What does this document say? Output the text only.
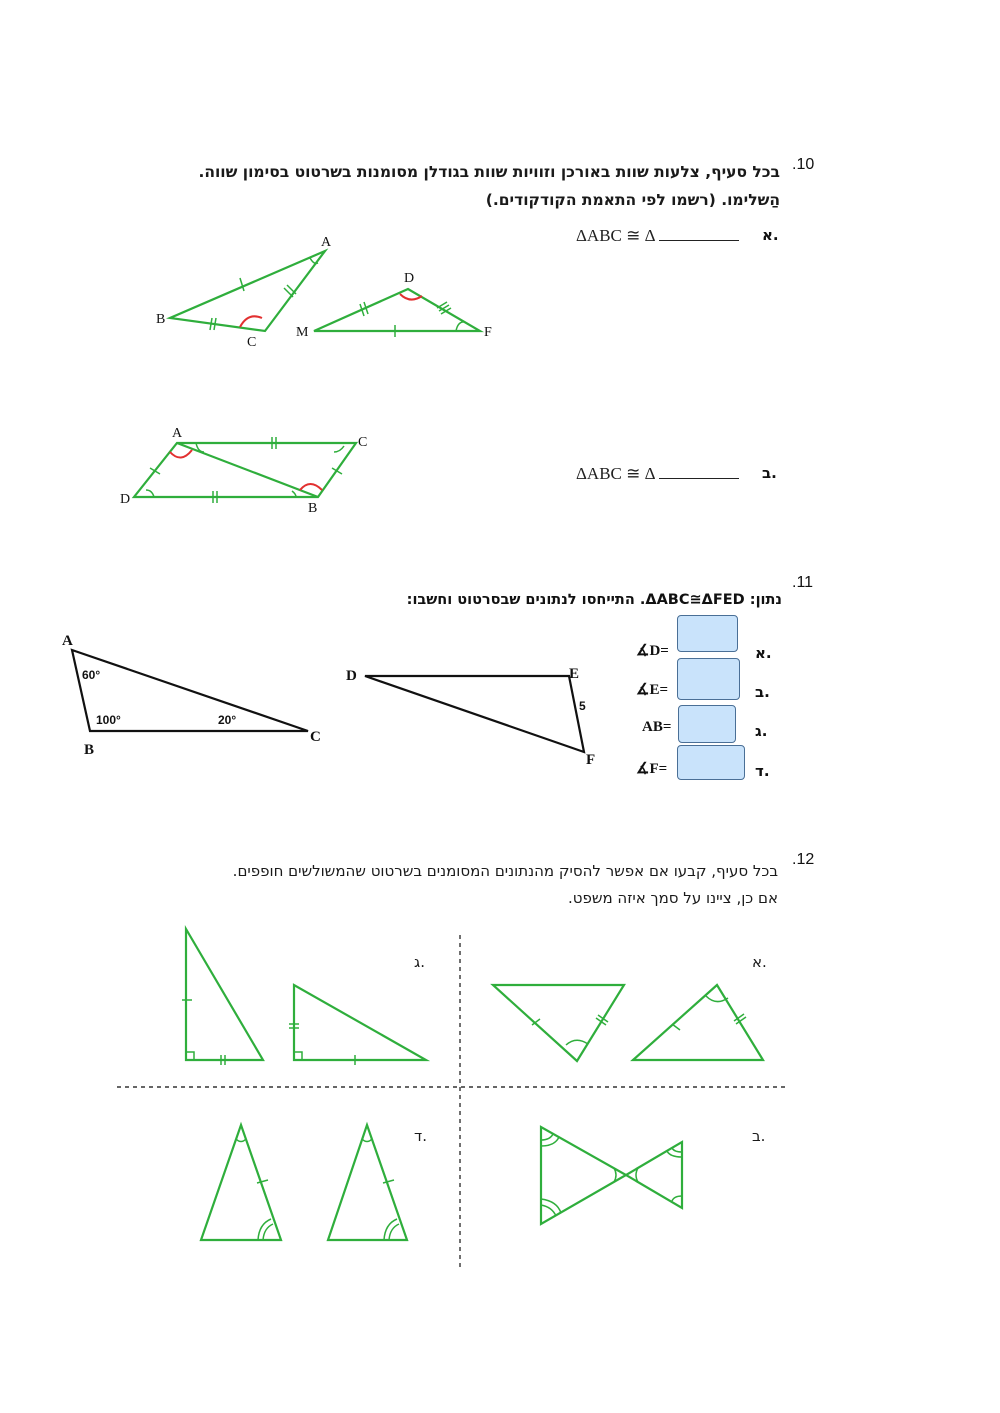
.10
בכל סעיף, צלעות שוות באורכן וזוויות שוות בגודלן מסומנות בשרטוט בסימון שווה.
הַשלימו. (רשמו לפי התאמת הקודקודים.)
א.
ΔABC ≅ Δ
A
B
C
D
M	F
ב.
ΔABC ≅ Δ
A
C
D
B
.11
נתון: ΔABC≅ΔFED. התייחסו לנתונים שבסרטוט וחשבו:
א.
∡D=
ב.
∡E=
ג.
AB=
ד.
∡F=
A
B
C
60°
100°	20°
D	E
F
5
.12
בכל סעיף, קבעו אם אפשר להסיק מהנתונים המסומנים בשרטוט שהמשולשים חופפים.
אם כן, ציינו על סמך איזה משפט.
א.
ג.
ב.
ד.
